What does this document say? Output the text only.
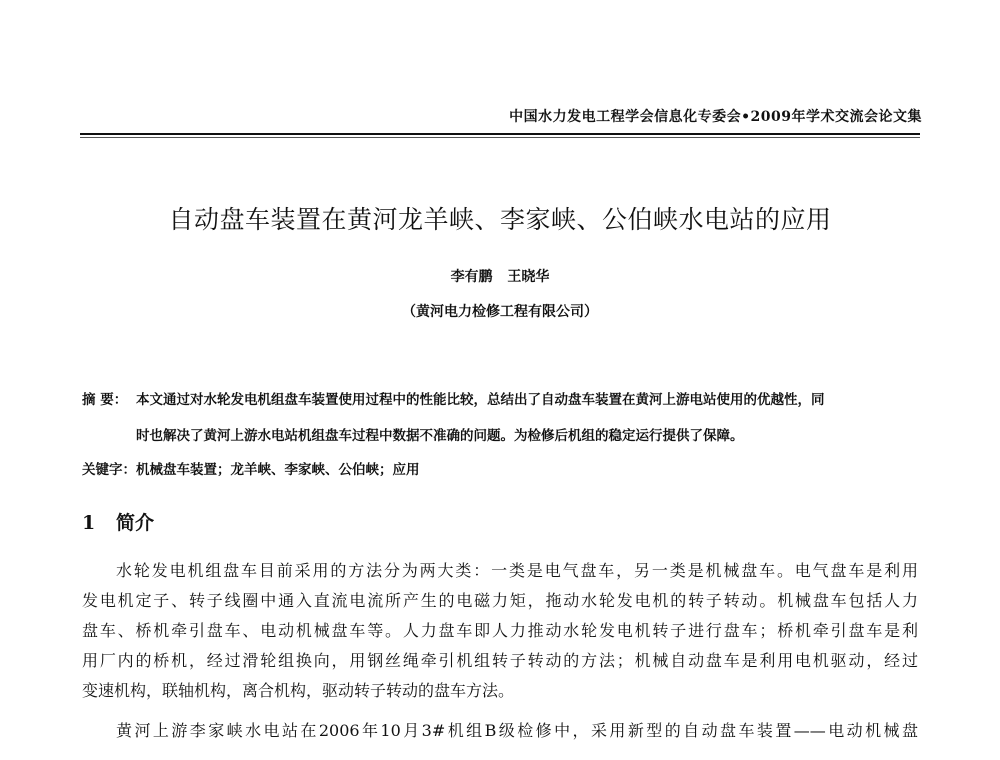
中国水力发电工程学会信息化专委会•2009年学术交流会论文集
自动盘车装置在黄河龙羊峡、李家峡、公伯峡水电站的应用
李有鹏 王晓华
（黄河电力检修工程有限公司）
摘 要： 本文通过对水轮发电机组盘车装置使用过程中的性能比较，总结出了自动盘车装置在黄河上游电站使用的优越性，同
时也解决了黄河上游水电站机组盘车过程中数据不准确的问题。为检修后机组的稳定运行提供了保障。
关键字：机械盘车装置；龙羊峡、李家峡、公伯峡；应用
1 简介
水轮发电机组盘车目前采用的方法分为两大类：一类是电气盘车，另一类是机械盘车。电气盘车是利用
发电机定子、转子线圈中通入直流电流所产生的电磁力矩，拖动水轮发电机的转子转动。机械盘车包括人力
盘车、桥机牵引盘车、电动机械盘车等。人力盘车即人力推动水轮发电机转子进行盘车；桥机牵引盘车是利
用厂内的桥机，经过滑轮组换向，用钢丝绳牵引机组转子转动的方法；机械自动盘车是利用电机驱动，经过
变速机构，联轴机构，离合机构，驱动转子转动的盘车方法。
黄河上游李家峡水电站在2006年10月3#机组B级检修中，采用新型的自动盘车装置——电动机械盘
